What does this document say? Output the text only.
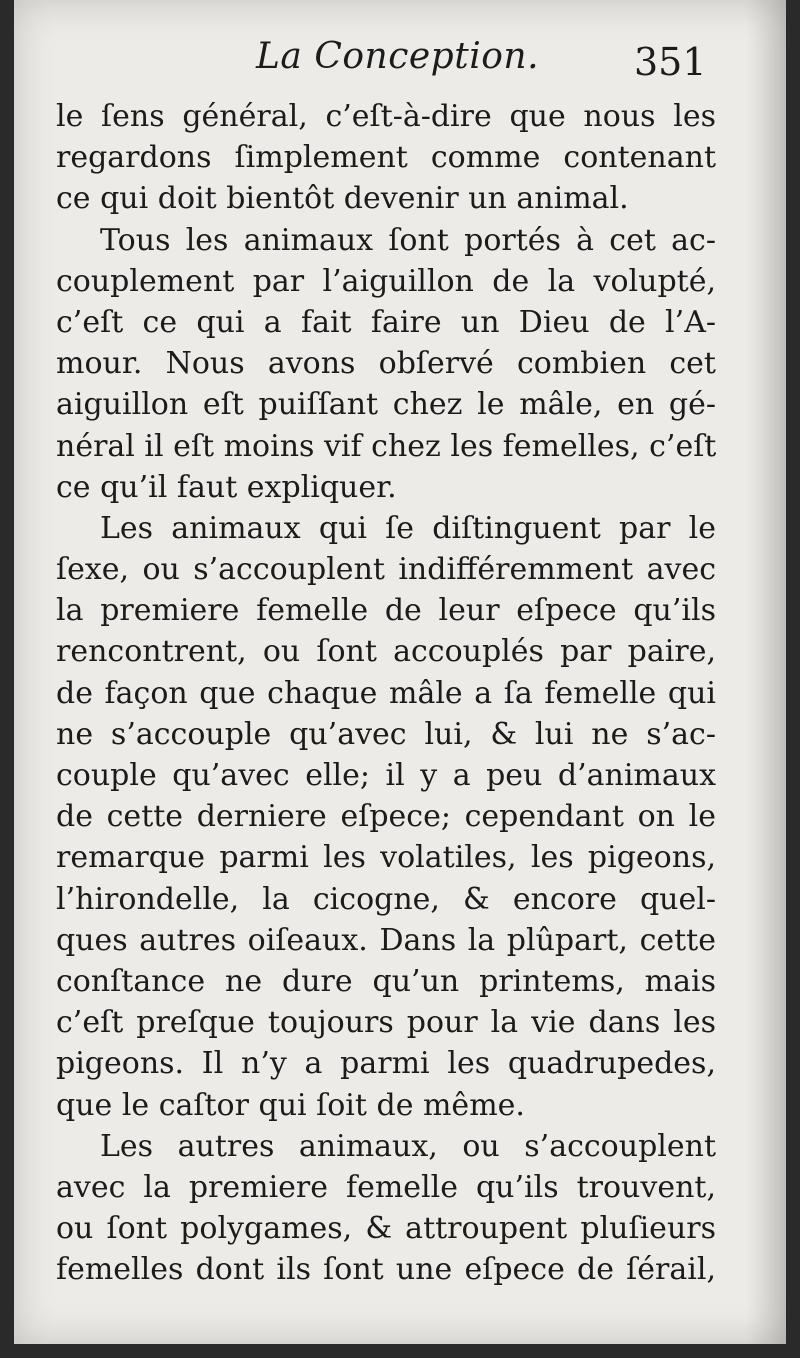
La Conception. 351
le ſens général, c’eſt-à-dire que nous les
regardons ſimplement comme contenant
ce qui doit bientôt devenir un animal.
Tous les animaux ſont portés à cet ac-
couplement par l’aiguillon de la volupté,
c’eſt ce qui a fait faire un Dieu de l’A-
mour. Nous avons obſervé combien cet
aiguillon eſt puiſſant chez le mâle, en gé-
néral il eſt moins vif chez les femelles, c’eſt
ce qu’il faut expliquer.
Les animaux qui ſe diſtinguent par le
ſexe, ou s’accouplent indifféremment avec
la premiere femelle de leur eſpece qu’ils
rencontrent, ou ſont accouplés par paire,
de façon que chaque mâle a ſa femelle qui
ne s’accouple qu’avec lui, & lui ne s’ac-
couple qu’avec elle; il y a peu d’animaux
de cette derniere eſpece; cependant on le
remarque parmi les volatiles, les pigeons,
l’hirondelle, la cicogne, & encore quel-
ques autres oiſeaux. Dans la plûpart, cette
conſtance ne dure qu’un printems, mais
c’eſt preſque toujours pour la vie dans les
pigeons. Il n’y a parmi les quadrupedes,
que le caſtor qui ſoit de même.
Les autres animaux, ou s’accouplent
avec la premiere femelle qu’ils trouvent,
ou ſont polygames, & attroupent pluſieurs
femelles dont ils ſont une eſpece de ſérail,
